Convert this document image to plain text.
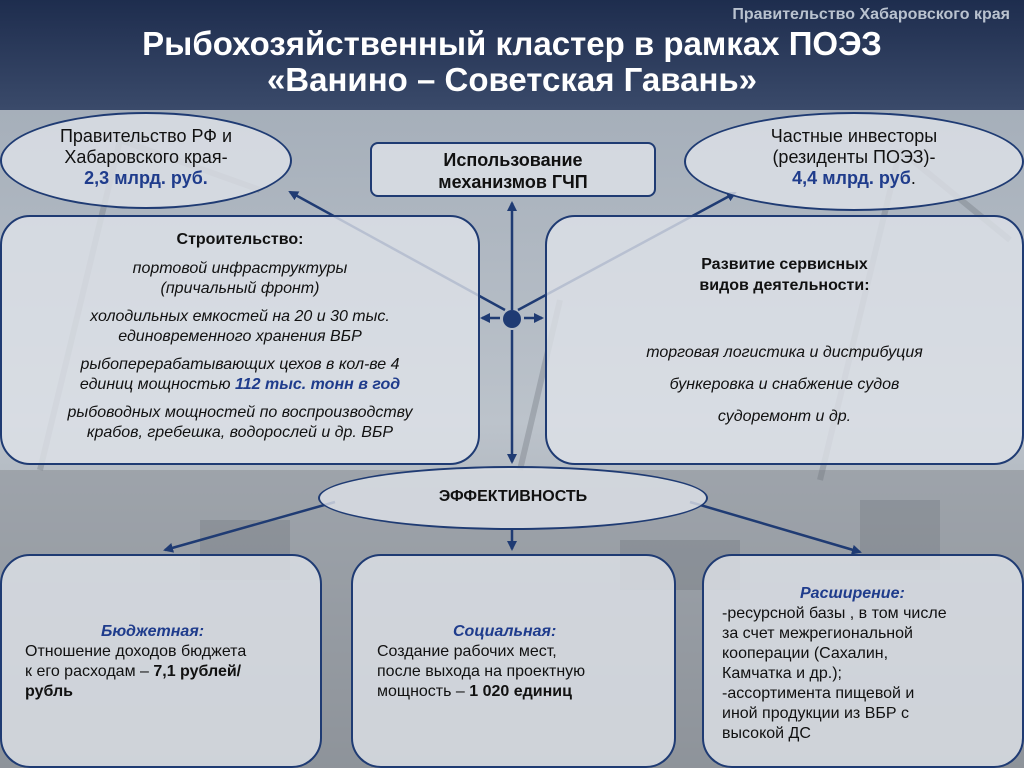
Правительство Хабаровского края
Рыбохозяйственный кластер в рамках ПОЭЗ
«Ванино – Советская Гавань»

Правительство РФ и

Хабаровского края-

2,3 млрд. руб.

Использование

механизмов ГЧП

Частные инвесторы

(резиденты ПОЭЗ)-

4,4 млрд. руб.

Строительство:

портовой инфраструктуры

(причальный фронт)

холодильных емкостей на 20 и 30 тыс.

единовременного хранения ВБР

рыбоперерабатывающих цехов в кол-ве 4

единиц мощностью 112 тыс. тонн в год

рыбоводных мощностей по воспроизводству

крабов, гребешка, водорослей и др. ВБР

Развитие сервисных

видов деятельности:

торговая логистика и дистрибуция

бункеровка и снабжение судов

судоремонт и др.

ЭФФЕКТИВНОСТЬ

Бюджетная:

Отношение доходов бюджета

к его расходам – 7,1 рублей/

рубль

Социальная:

Создание рабочих мест,

после выхода на проектную

мощность – 1 020 единиц

Расширение:

-ресурсной базы , в том числе

за счет межрегиональной

кооперации (Сахалин,

Камчатка и др.);

-ассортимента пищевой и

иной продукции из ВБР с

высокой ДС
